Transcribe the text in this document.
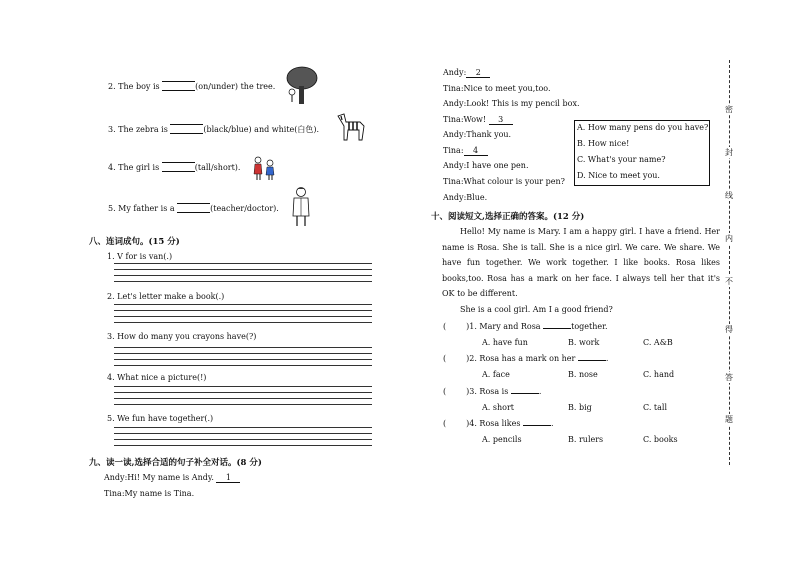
2. The boy is	(on/under) the tree.
3. The zebra is	(black/blue) and white(白色).
4. The girl is	(tall/short).
5. My father is a	(teacher/doctor).
八、连词成句。(15 分)
1. V for is van(.)
2. Let's letter make a book(.)
3. How do many you crayons have(?)
4. What nice a picture(!)
5. We fun have together(.)
九、读一读,选择合适的句子补全对话。(8 分)
Andy:Hi! My name is Andy. 1
Tina:My name is Tina.
Andy: 2
Tina:Nice to meet you,too.
Andy:Look! This is my pencil box.
Tina:Wow! 3
Andy:Thank you.
Tina: 4
Andy:I have one pen.
Tina:What colour is your pen?
Andy:Blue.
A. How many pens do you have?
B. How nice!
C. What's your name?
D. Nice to meet you.
十、阅读短文,选择正确的答案。(12 分)
Hello! My name is Mary. I am a happy girl. I have a friend. Her name is Rosa. She is tall. She is a nice girl. We care. We share. We have fun together. We work together. I like books. Rosa likes books,too. Rosa has a mark on her face. I always tell her that it's OK to be different.
She is a cool girl. Am I a good friend?
(	)1. Mary and Rosa	together.
A. have fun	B. work	C. A&B
(	)2. Rosa has a mark on her	.
A. face	B. nose	C. hand
(	)3. Rosa is	.
A. short	B. big	C. tall
(	)4. Rosa likes	.
A. pencils	B. rulers	C. books
密
封
线
内
不
得
答
题
